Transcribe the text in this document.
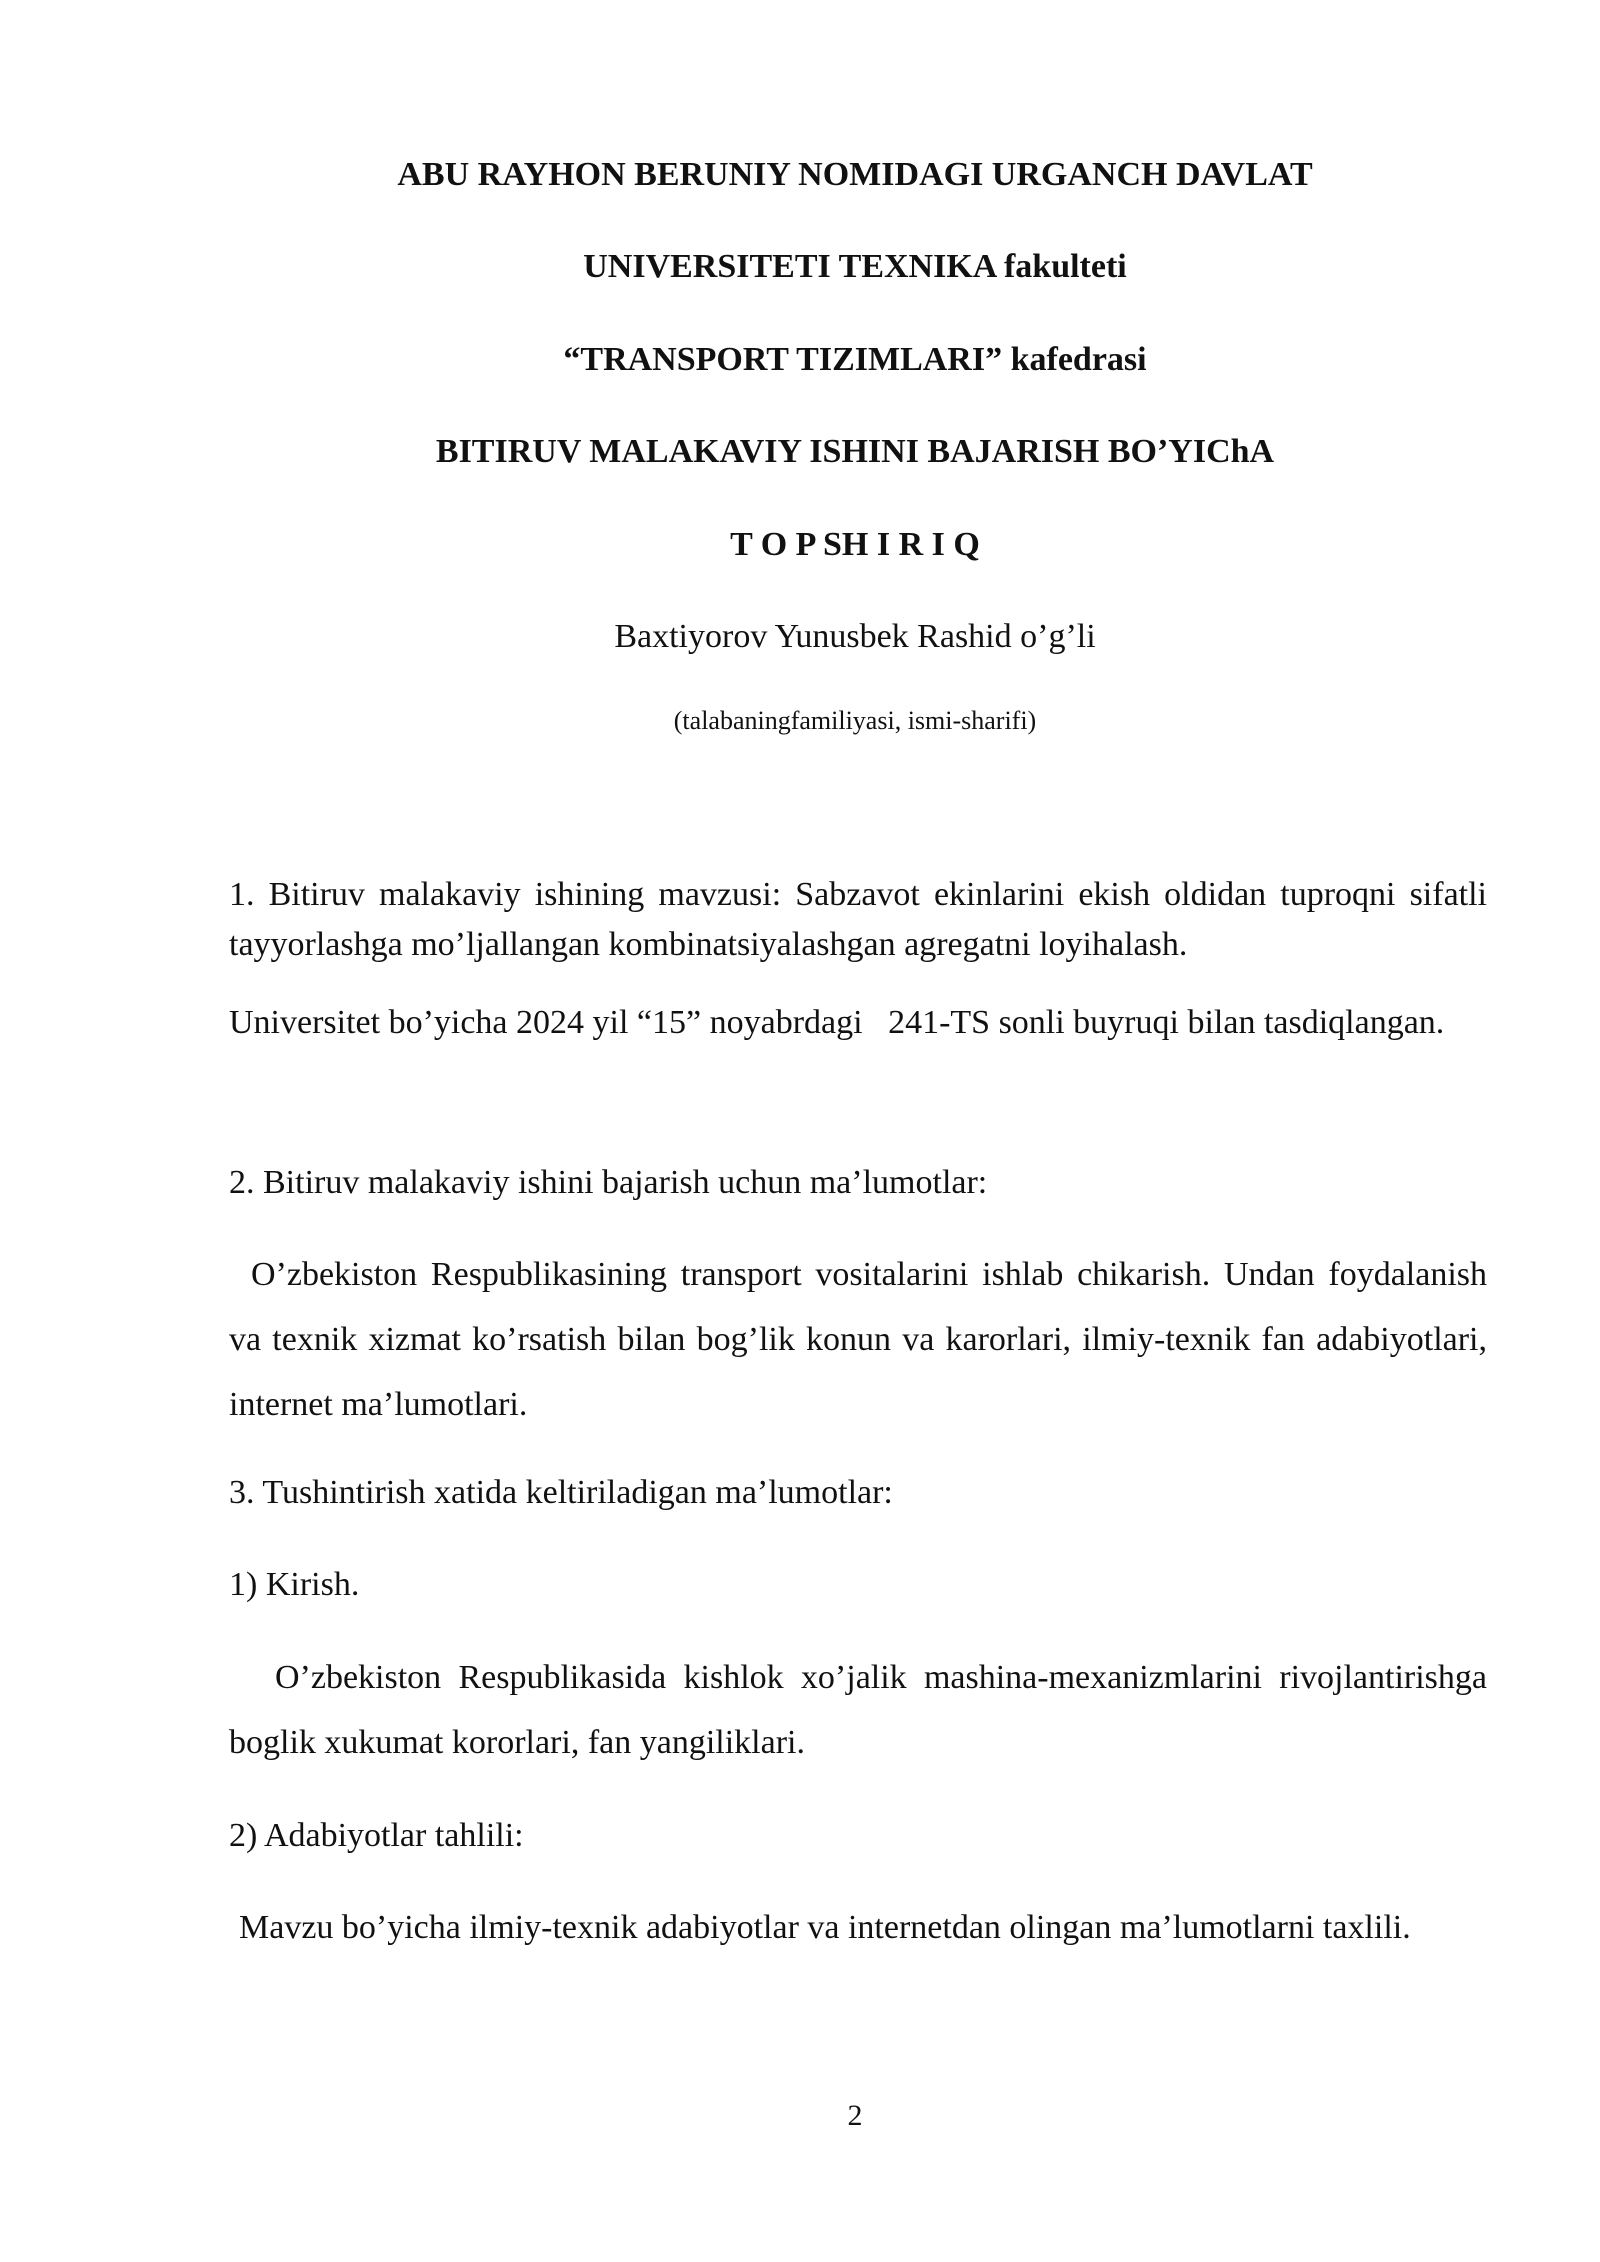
ABU RAYHON BERUNIY NOMIDAGI URGANCH DAVLAT

UNIVERSITETI TEXNIKA fakulteti

“TRANSPORT TIZIMLARI” kafedrasi

BITIRUV MALAKAVIY ISHINI BAJARISH BO’YIChA

T O P SH I R I Q

Baxtiyorov Yunusbek Rashid o’g’li
(talabaningfamiliyasi, ismi-sharifi)

1. Bitiruv malakaviy ishining mavzusi: Sabzavot ekinlarini ekish oldidan tuproqni sifatli tayyorlashga mo’ljallangan kombinatsiyalashgan agregatni loyihalash.

Universitet bo’yicha 2024 yil “15” noyabrdagi 241-TS sonli buyruqi bilan tasdiqlangan.

2. Bitiruv malakaviy ishini bajarish uchun ma’lumotlar:

O’zbekiston Respublikasining transport vositalarini ishlab chikarish. Undan foydalanish va texnik xizmat ko’rsatish bilan bog’lik konun va karorlari, ilmiy-texnik fan adabiyotlari, internet ma’lumotlari.

3. Tushintirish xatida keltiriladigan ma’lumotlar:

1) Kirish.

O’zbekiston Respublikasida kishlok xo’jalik mashina-mexanizmlarini rivojlantirishga boglik xukumat kororlari, fan yangiliklari.

2) Adabiyotlar tahlili:

Mavzu bo’yicha ilmiy-texnik adabiyotlar va internetdan olingan ma’lumotlarni taxlili.

2
